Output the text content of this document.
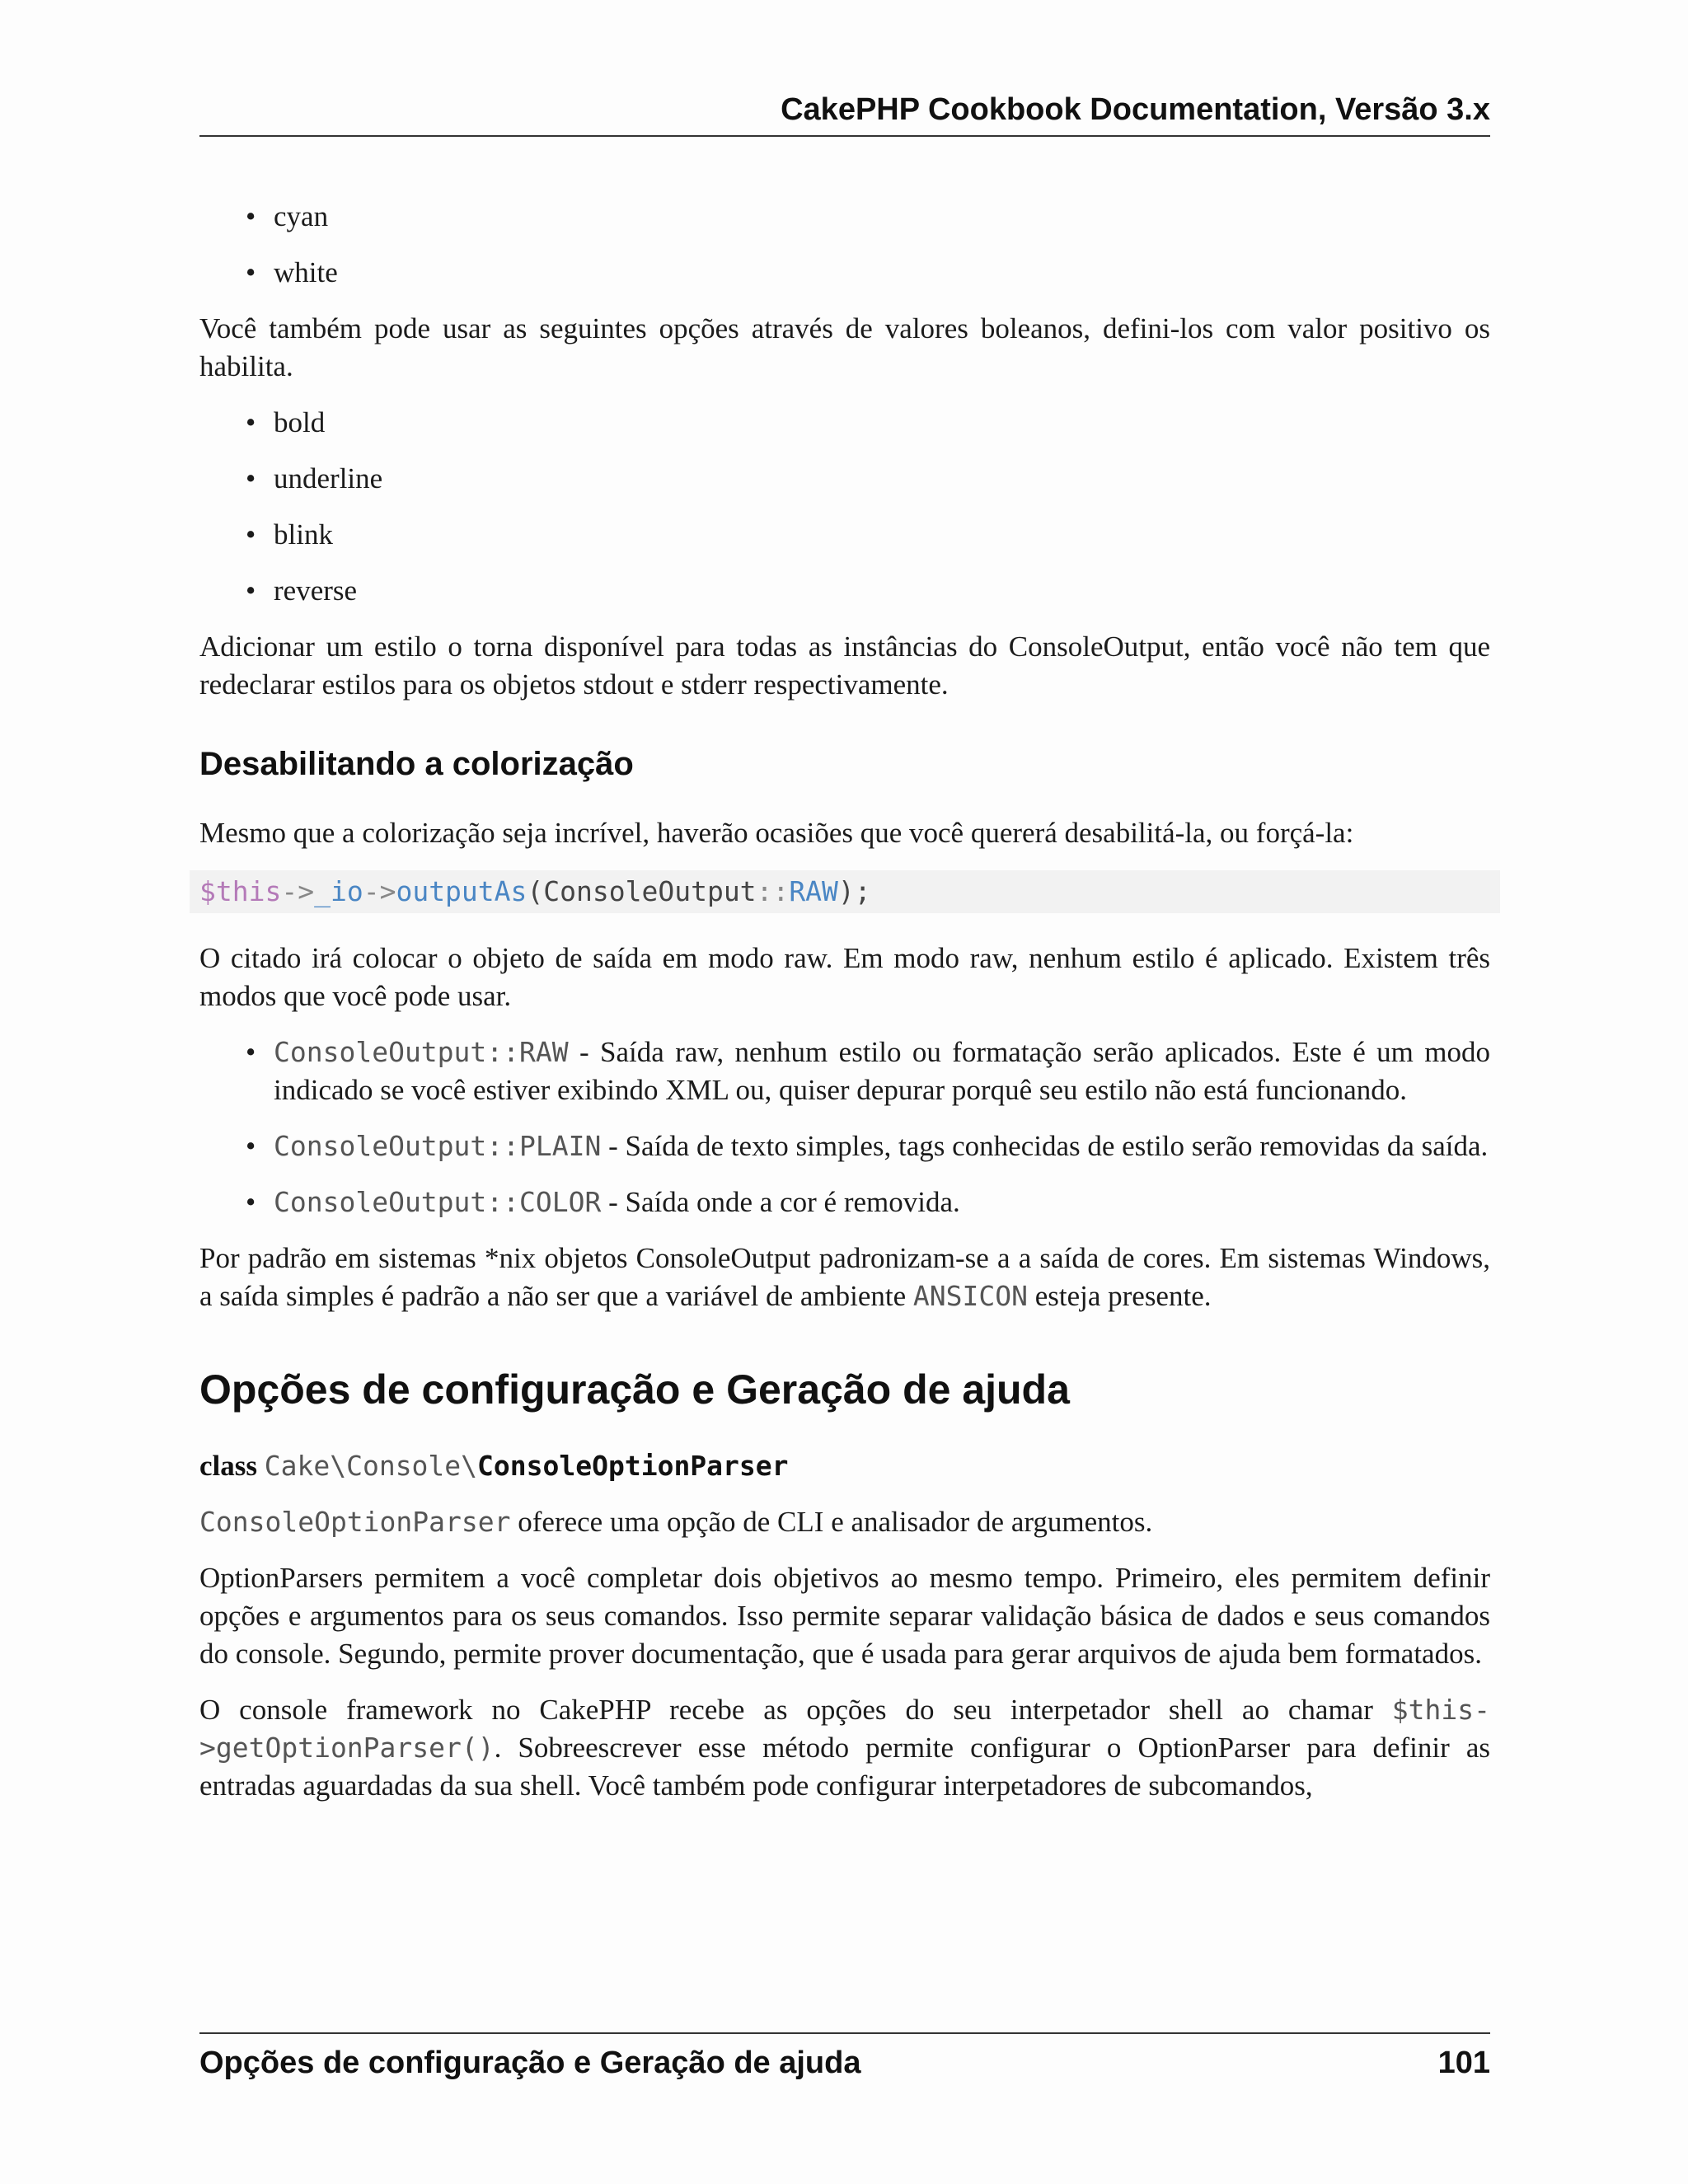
CakePHP Cookbook Documentation, Versão 3.x
• cyan
• white

Você também pode usar as seguintes opções através de valores boleanos, defini-los com valor positivo os habilita.

• bold
• underline
• blink
• reverse

Adicionar um estilo o torna disponível para todas as instâncias do ConsoleOutput, então você não tem que redeclarar estilos para os objetos stdout e stderr respectivamente.

Desabilitando a colorização

Mesmo que a colorização seja incrível, haverão ocasiões que você quererá desabilitá-la, ou forçá-la:

$this->_io->outputAs(ConsoleOutput::RAW);

O citado irá colocar o objeto de saída em modo raw. Em modo raw, nenhum estilo é aplicado. Existem três modos que você pode usar.

• ConsoleOutput::RAW - Saída raw, nenhum estilo ou formatação serão aplicados. Este é um modo indicado se você estiver exibindo XML ou, quiser depurar porquê seu estilo não está funcionando.
• ConsoleOutput::PLAIN - Saída de texto simples, tags conhecidas de estilo serão removidas da saída.
• ConsoleOutput::COLOR - Saída onde a cor é removida.

Por padrão em sistemas *nix objetos ConsoleOutput padronizam-se a a saída de cores. Em sistemas Windows, a saída simples é padrão a não ser que a variável de ambiente ANSICON esteja presente.

Opções de configuração e Geração de ajuda
class Cake\Console\ConsoleOptionParser

ConsoleOptionParser oferece uma opção de CLI e analisador de argumentos.

OptionParsers permitem a você completar dois objetivos ao mesmo tempo. Primeiro, eles permitem definir opções e argumentos para os seus comandos. Isso permite separar validação básica de dados e seus comandos do console. Segundo, permite prover documentação, que é usada para gerar arquivos de ajuda bem formatados.

O console framework no CakePHP recebe as opções do seu interpetador shell ao chamar $this->getOptionParser(). Sobreescrever esse método permite configurar o OptionParser para definir as entradas aguardadas da sua shell. Você também pode configurar interpetadores de subcomandos,

Opções de configuração e Geração de ajuda	101
